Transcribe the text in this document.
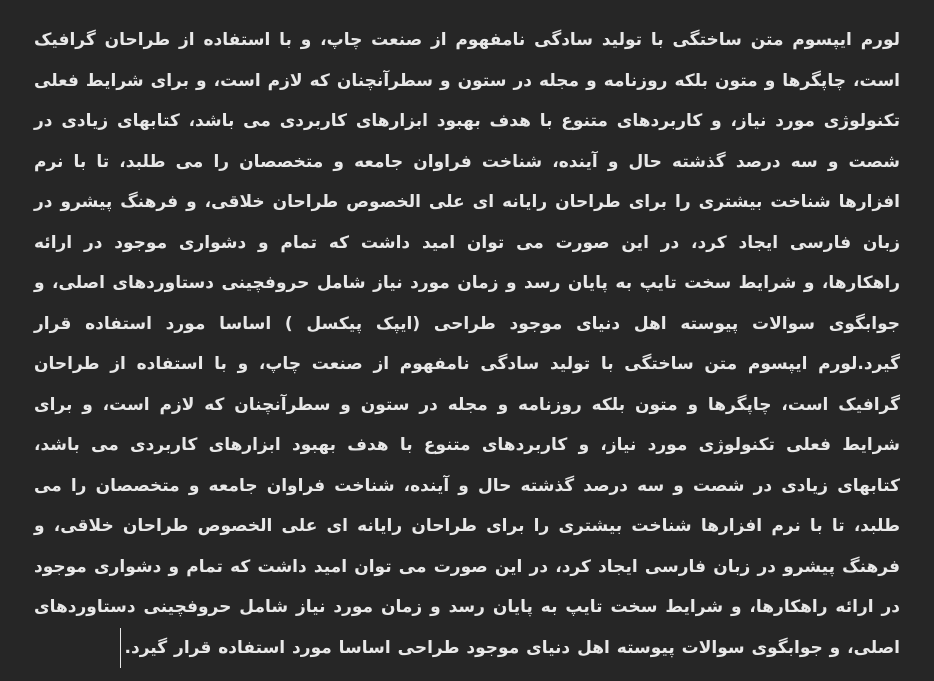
لورم ایپسوم متن ساختگی با تولید سادگی نامفهوم از صنعت چاپ، و با استفاده از طراحان گرافیک است، چاپگرها و متون بلکه روزنامه و مجله در ستون و سطرآنچنان که لازم است، و برای شرایط فعلی تکنولوژی مورد نیاز، و کاربردهای متنوع با هدف بهبود ابزارهای کاربردی می باشد، کتابهای زیادی در شصت و سه درصد گذشته حال و آینده، شناخت فراوان جامعه و متخصصان را می طلبد، تا با نرم افزارها شناخت بیشتری را برای طراحان رایانه ای علی الخصوص طراحان خلاقی، و فرهنگ پیشرو در زبان فارسی ایجاد کرد، در این صورت می توان امید داشت که تمام و دشواری موجود در ارائه راهکارها، و شرایط سخت تایپ به پایان رسد و زمان مورد نیاز شامل حروفچینی دستاوردهای اصلی، و جوابگوی سوالات پیوسته اهل دنیای موجود طراحی (ایپک پیکسل ) اساسا مورد استفاده قرار گیرد.لورم ایپسوم متن ساختگی با تولید سادگی نامفهوم از صنعت چاپ، و با استفاده از طراحان گرافیک است، چاپگرها و متون بلکه روزنامه و مجله در ستون و سطرآنچنان که لازم است، و برای شرایط فعلی تکنولوژی مورد نیاز، و کاربردهای متنوع با هدف بهبود ابزارهای کاربردی می باشد، کتابهای زیادی در شصت و سه درصد گذشته حال و آینده، شناخت فراوان جامعه و متخصصان را می طلبد، تا با نرم افزارها شناخت بیشتری را برای طراحان رایانه ای علی الخصوص طراحان خلاقی، و فرهنگ پیشرو در زبان فارسی ایجاد کرد، در این صورت می توان امید داشت که تمام و دشواری موجود در ارائه راهکارها، و شرایط سخت تایپ به پایان رسد و زمان مورد نیاز شامل حروفچینی دستاوردهای اصلی، و جوابگوی سوالات پیوسته اهل دنیای موجود طراحی اساسا مورد استفاده قرار گیرد.
